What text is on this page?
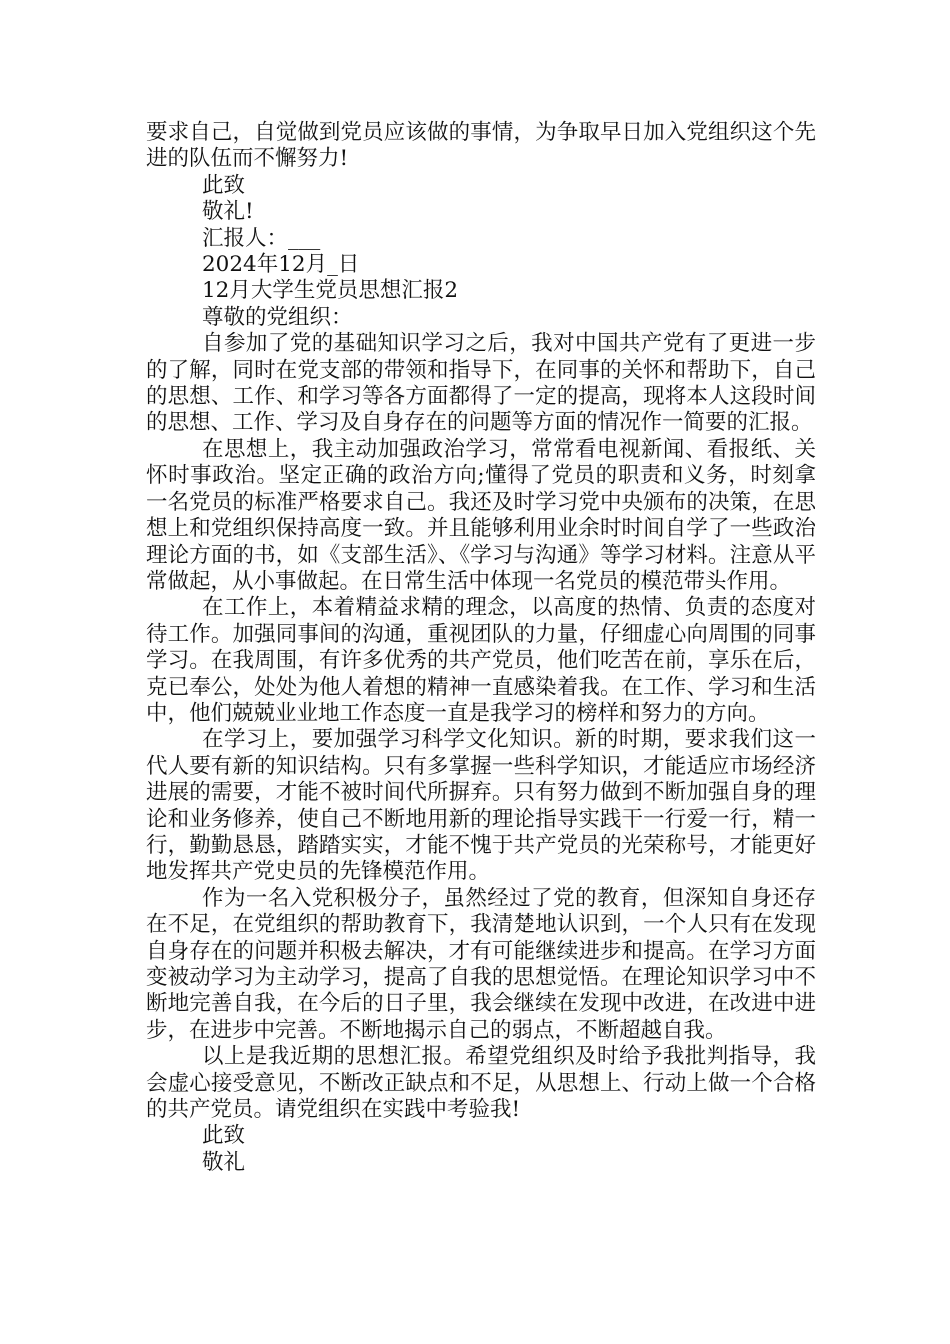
要求自己，自觉做到党员应该做的事情，为争取早日加入党组织这个先进的队伍而不懈努力!

此致

敬礼!

汇报人：___

2024年12月_日

12月大学生党员思想汇报2

尊敬的党组织：

自参加了党的基础知识学习之后，我对中国共产党有了更进一步的了解，同时在党支部的带领和指导下，在同事的关怀和帮助下，自己的思想、工作、和学习等各方面都得了一定的提高，现将本人这段时间的思想、工作、学习及自身存在的问题等方面的情况作一简要的汇报。

在思想上，我主动加强政治学习，常常看电视新闻、看报纸、关怀时事政治。坚定正确的政治方向;懂得了党员的职责和义务，时刻拿一名党员的标准严格要求自己。我还及时学习党中央颁布的决策，在思想上和党组织保持高度一致。并且能够利用业余时时间自学了一些政治理论方面的书，如《支部生活》、《学习与沟通》等学习材料。注意从平常做起，从小事做起。在日常生活中体现一名党员的模范带头作用。

在工作上，本着精益求精的理念，以高度的热情、负责的态度对待工作。加强同事间的沟通，重视团队的力量，仔细虚心向周围的同事学习。在我周围，有许多优秀的共产党员，他们吃苦在前，享乐在后，克已奉公，处处为他人着想的精神一直感染着我。在工作、学习和生活中，他们兢兢业业地工作态度一直是我学习的榜样和努力的方向。

在学习上，要加强学习科学文化知识。新的时期，要求我们这一代人要有新的知识结构。只有多掌握一些科学知识，才能适应市场经济进展的需要，才能不被时间代所摒弃。只有努力做到不断加强自身的理论和业务修养，使自己不断地用新的理论指导实践干一行爱一行，精一行，勤勤恳恳，踏踏实实，才能不愧于共产党员的光荣称号，才能更好地发挥共产党史员的先锋模范作用。

作为一名入党积极分子，虽然经过了党的教育，但深知自身还存在不足，在党组织的帮助教育下，我清楚地认识到，一个人只有在发现自身存在的问题并积极去解决，才有可能继续进步和提高。在学习方面变被动学习为主动学习，提高了自我的思想觉悟。在理论知识学习中不断地完善自我，在今后的日子里，我会继续在发现中改进，在改进中进步，在进步中完善。不断地揭示自己的弱点，不断超越自我。

以上是我近期的思想汇报。希望党组织及时给予我批判指导，我会虚心接受意见，不断改正缺点和不足，从思想上、行动上做一个合格的共产党员。请党组织在实践中考验我!

此致

敬礼
